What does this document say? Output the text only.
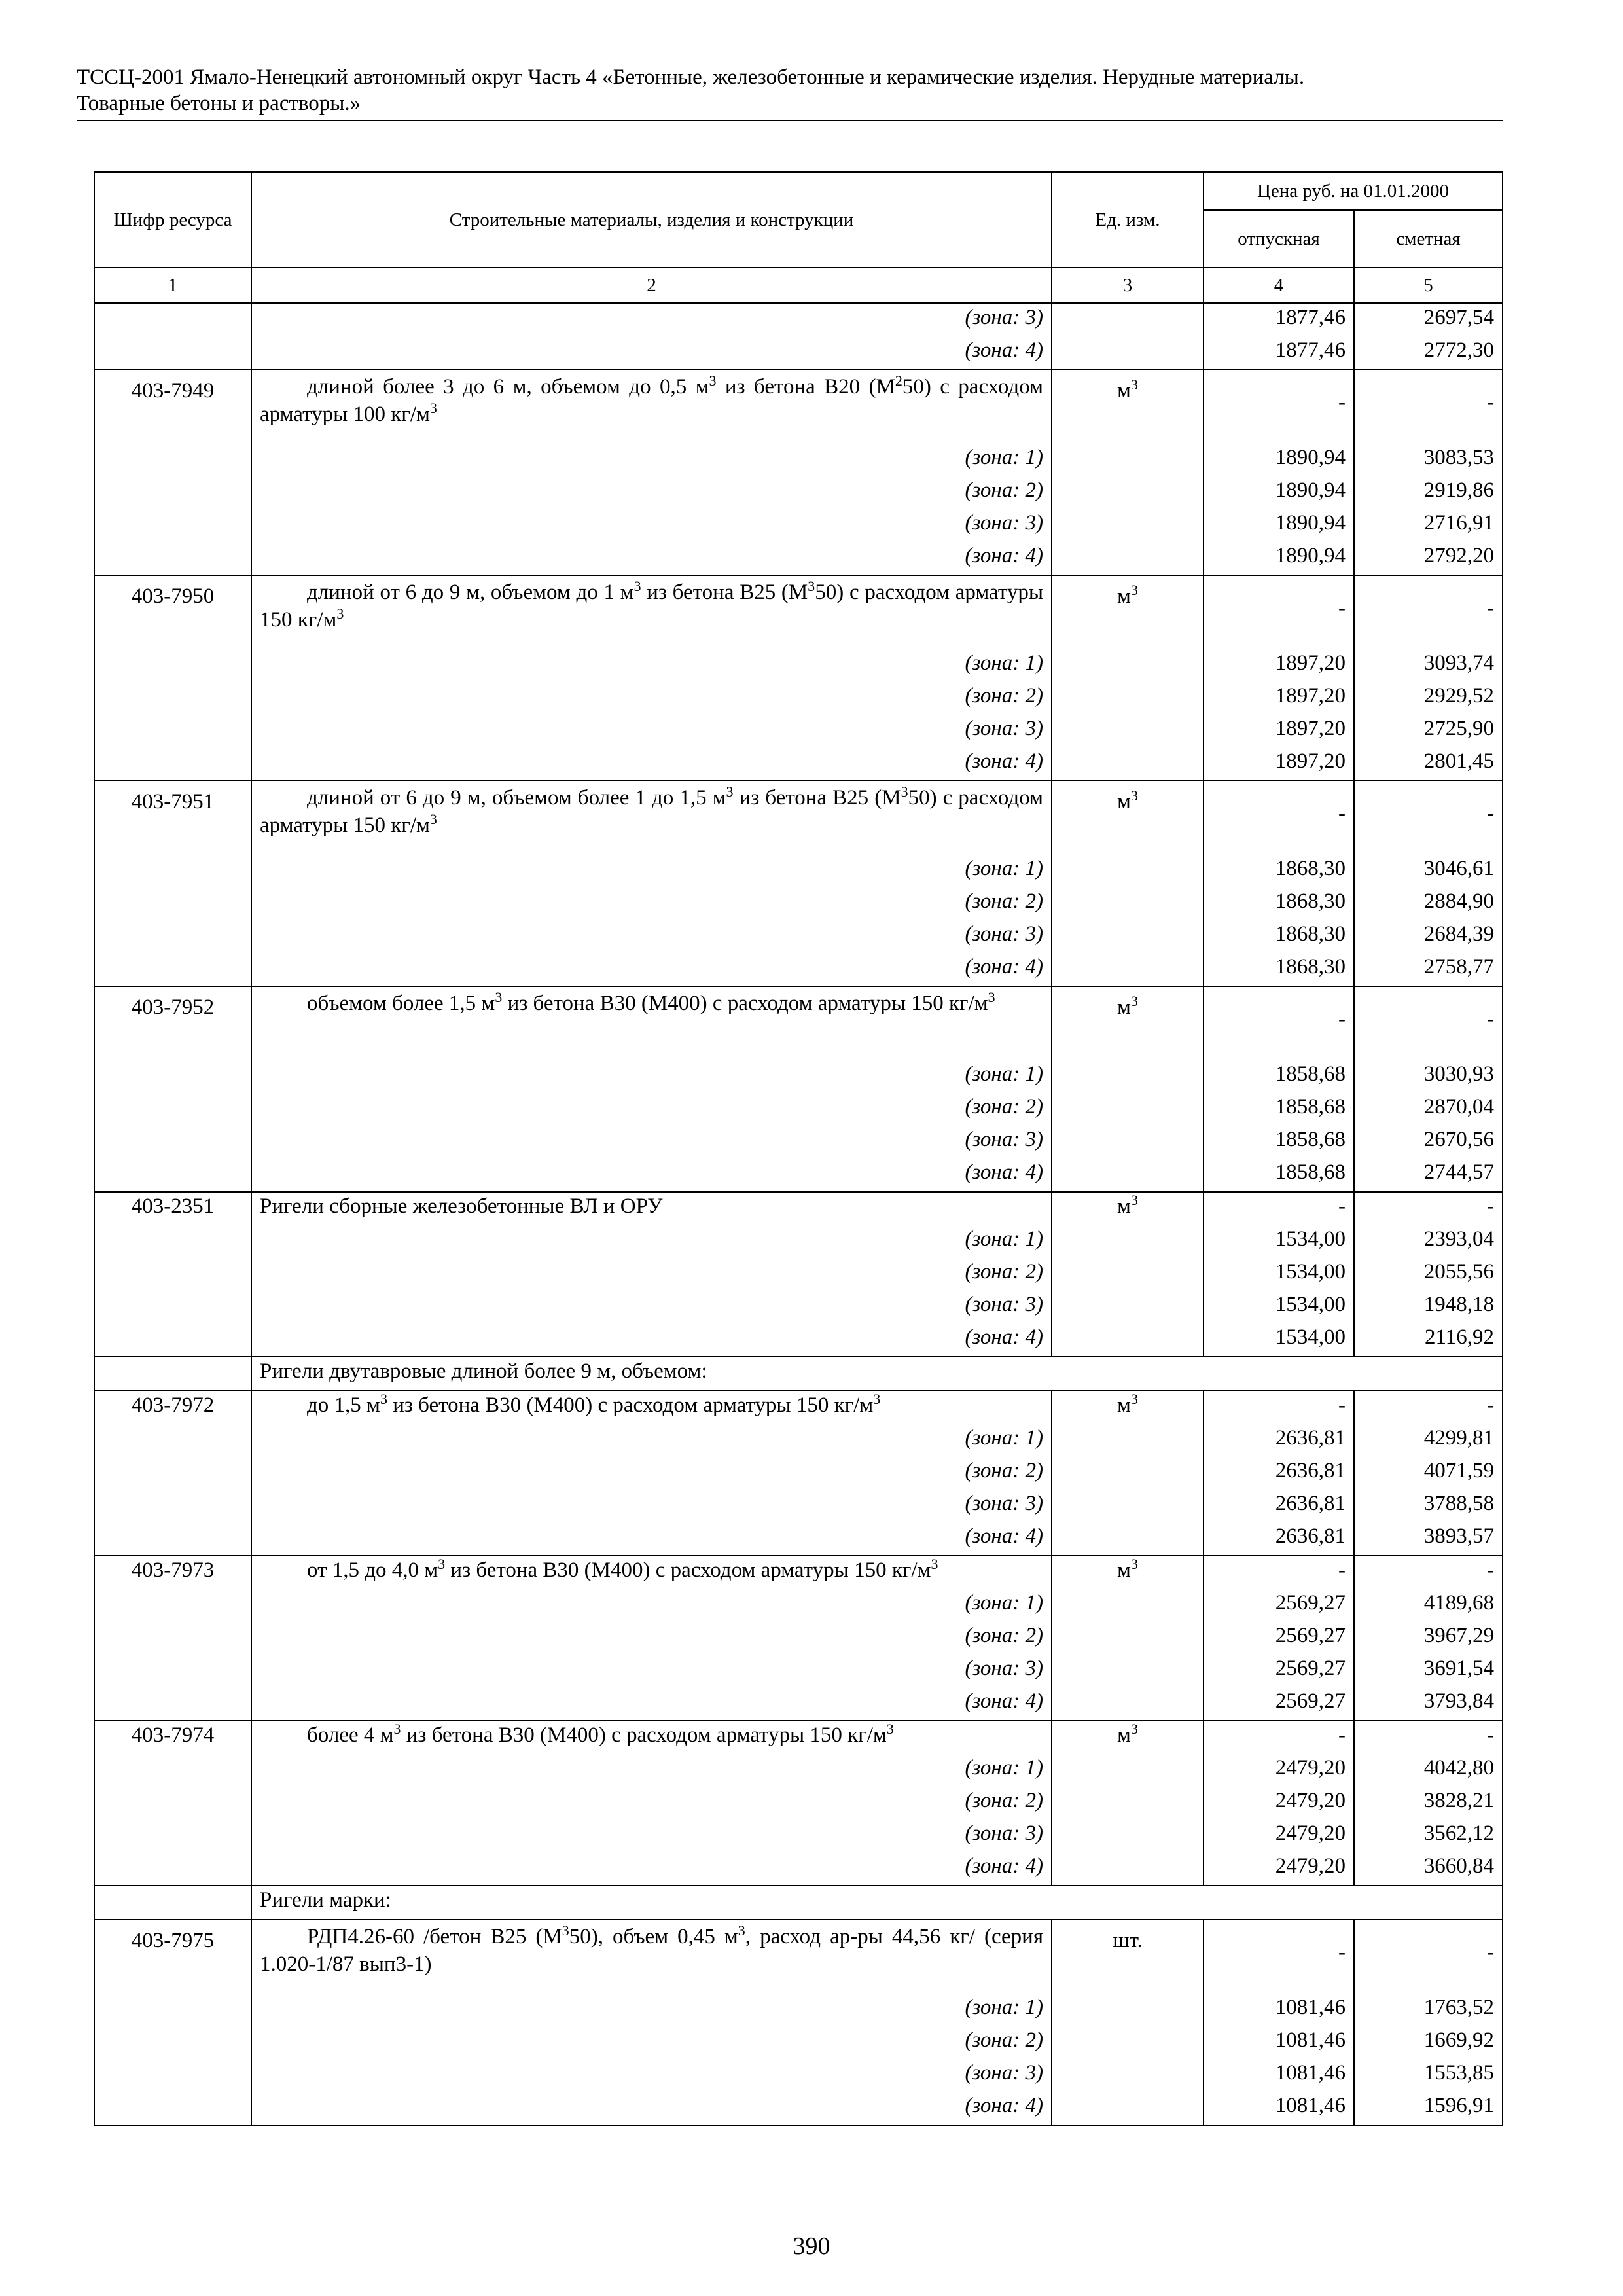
ТССЦ-2001 Ямало-Ненецкий автономный округ Часть 4 «Бетонные, железобетонные и керамические изделия. Нерудные материалы.
Товарные бетоны и растворы.»
Шифр ресурса	Строительные материалы, изделия и конструкции	Ед. изм.	Цена руб. на 01.01.2000	
			отпускная	сметная
1	2	3	4	5
	(зона: 3)		1877,46	2697,54
	(зона: 4)		1877,46	2772,30
403-7949	длиной более 3 до 6 м, объемом до 0,5 $м^3$ из бетона В20 $(М^250)$ с расходом арматуры 100 $кг/м^3$	$м^3$	-	-
	(зона: 1)		1890,94	3083,53
	(зона: 2)		1890,94	2919,86
	(зона: 3)		1890,94	2716,91
	(зона: 4)		1890,94	2792,20
403-7950	длиной от 6 до 9 м, объемом до 1 $м^3$ из бетона В25 $(М^350)$ с расходом арматуры 150 $кг/м^3$	$м^3$	-	-
	(зона: 1)		1897,20	3093,74
	(зона: 2)		1897,20	2929,52
	(зона: 3)		1897,20	2725,90
	(зона: 4)		1897,20	2801,45
403-7951	длиной от 6 до 9 м, объемом более 1 до 1,5 $м^3$ из бетона В25 $(М^350)$ с расходом арматуры 150 $кг/м^3$	$м^3$	-	-
	(зона: 1)		1868,30	3046,61
	(зона: 2)		1868,30	2884,90
	(зона: 3)		1868,30	2684,39
	(зона: 4)		1868,30	2758,77
403-7952	объемом более 1,5 $м^3$ из бетона В30 (М400) с расходом арматуры 150 $кг/м^3$	$м^3$	-	-
	(зона: 1)		1858,68	3030,93
	(зона: 2)		1858,68	2870,04
	(зона: 3)		1858,68	2670,56
	(зона: 4)		1858,68	2744,57
403-2351	Ригели сборные железобетонные ВЛ и ОРУ	$м^3$	-	-
	(зона: 1)		1534,00	2393,04
	(зона: 2)		1534,00	2055,56
	(зона: 3)		1534,00	1948,18
	(зона: 4)		1534,00	2116,92
	Ригели двутавровые длиной более 9 м, объемом:			
403-7972	до 1,5 $м^3$ из бетона В30 (М400) с расходом арматуры 150 $кг/м^3$	$м^3$	-	-
	(зона: 1)		2636,81	4299,81
	(зона: 2)		2636,81	4071,59
	(зона: 3)		2636,81	3788,58
	(зона: 4)		2636,81	3893,57
403-7973	от 1,5 до 4,0 $м^3$ из бетона В30 (М400) с расходом арматуры 150 $кг/м^3$	$м^3$	-	-
	(зона: 1)		2569,27	4189,68
	(зона: 2)		2569,27	3967,29
	(зона: 3)		2569,27	3691,54
	(зона: 4)		2569,27	3793,84
403-7974	более 4 $м^3$ из бетона В30 (М400) с расходом арматуры 150 $кг/м^3$	$м^3$	-	-
	(зона: 1)		2479,20	4042,80
	(зона: 2)		2479,20	3828,21
	(зона: 3)		2479,20	3562,12
	(зона: 4)		2479,20	3660,84
	Ригели марки:			
403-7975	РДП4.26-60 /бетон В25 $(М^350)$, объем 0,45 $м^3$, расход ар-ры 44,56 кг/ (серия 1.020-1/87 вып3-1)	шт.	-	-
	(зона: 1)		1081,46	1763,52
	(зона: 2)		1081,46	1669,92
	(зона: 3)		1081,46	1553,85
	(зона: 4)		1081,46	1596,91
390
